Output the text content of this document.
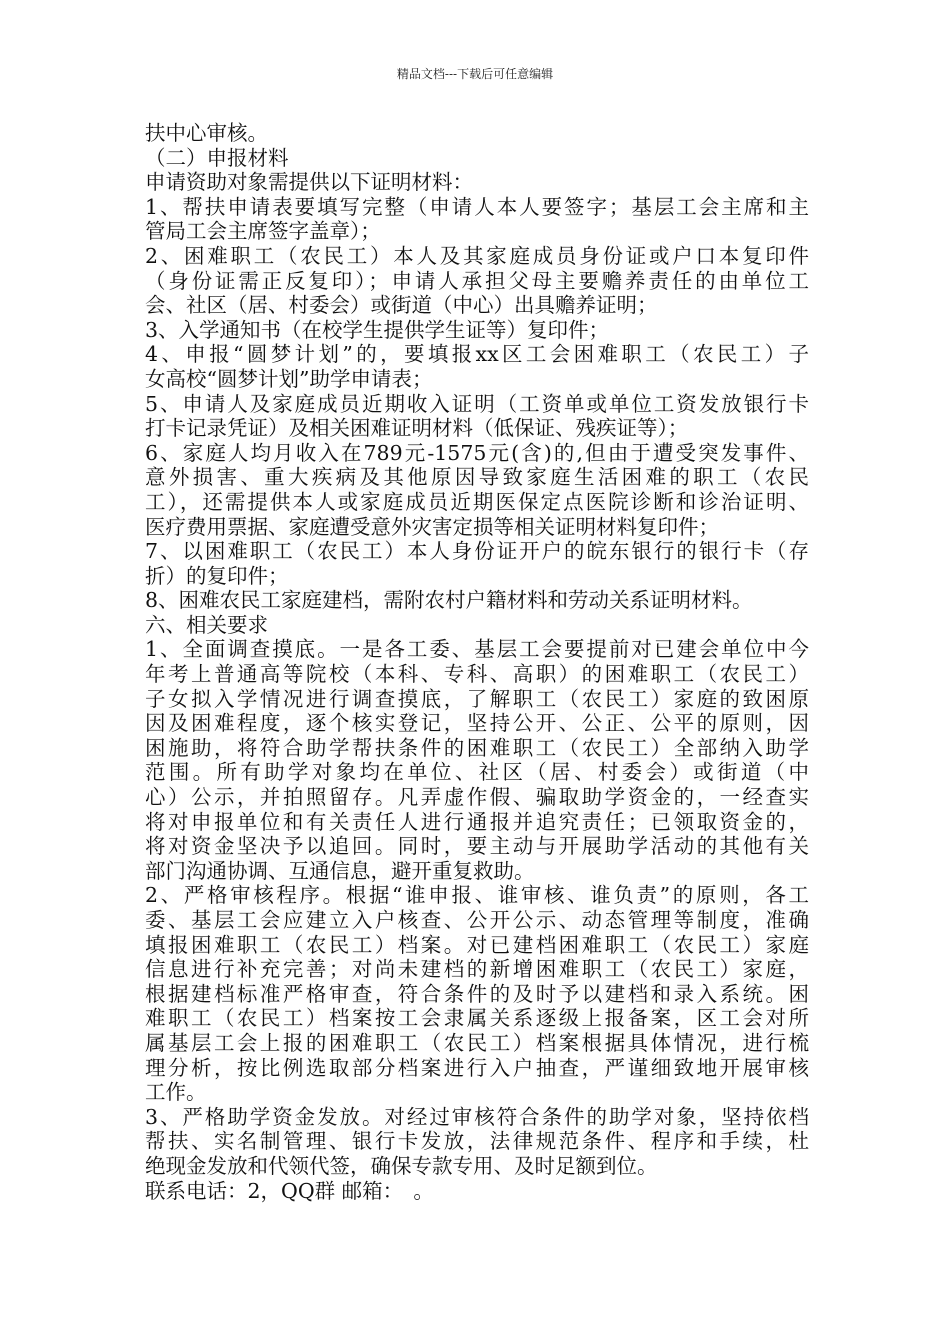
精品文档---下载后可任意编辑
扶中心审核。
（二）申报材料
申请资助对象需提供以下证明材料：
1、帮扶申请表要填写完整（申请人本人要签字；基层工会主席和主
管局工会主席签字盖章）；
2、困难职工（农民工）本人及其家庭成员身份证或户口本复印件
（身份证需正反复印）；申请人承担父母主要赡养责任的由单位工
会、社区（居、村委会）或街道（中心）出具赡养证明；
3、入学通知书（在校学生提供学生证等）复印件；
4、申报“圆梦计划”的，要填报xx区工会困难职工（农民工）子
女高校“圆梦计划”助学申请表；
5、申请人及家庭成员近期收入证明（工资单或单位工资发放银行卡
打卡记录凭证）及相关困难证明材料（低保证、残疾证等）；
6、家庭人均月收入在789元-1575元(含)的,但由于遭受突发事件、
意外损害、重大疾病及其他原因导致家庭生活困难的职工（农民
工），还需提供本人或家庭成员近期医保定点医院诊断和诊治证明、
医疗费用票据、家庭遭受意外灾害定损等相关证明材料复印件；
7、以困难职工（农民工）本人身份证开户的皖东银行的银行卡（存
折）的复印件；
8、困难农民工家庭建档，需附农村户籍材料和劳动关系证明材料。
六、相关要求
1、全面调查摸底。一是各工委、基层工会要提前对已建会单位中今
年考上普通高等院校（本科、专科、高职）的困难职工（农民工）
子女拟入学情况进行调查摸底，了解职工（农民工）家庭的致困原
因及困难程度，逐个核实登记，坚持公开、公正、公平的原则，因
困施助，将符合助学帮扶条件的困难职工（农民工）全部纳入助学
范围。所有助学对象均在单位、社区（居、村委会）或街道（中
心）公示，并拍照留存。凡弄虚作假、骗取助学资金的，一经查实
将对申报单位和有关责任人进行通报并追究责任；已领取资金的，
将对资金坚决予以追回。同时，要主动与开展助学活动的其他有关
部门沟通协调、互通信息，避开重复救助。
2、严格审核程序。根据“谁申报、谁审核、谁负责”的原则，各工
委、基层工会应建立入户核查、公开公示、动态管理等制度，准确
填报困难职工（农民工）档案。对已建档困难职工（农民工）家庭
信息进行补充完善；对尚未建档的新增困难职工（农民工）家庭，
根据建档标准严格审查，符合条件的及时予以建档和录入系统。困
难职工（农民工）档案按工会隶属关系逐级上报备案，区工会对所
属基层工会上报的困难职工（农民工）档案根据具体情况，进行梳
理分析，按比例选取部分档案进行入户抽查，严谨细致地开展审核
工作。
3、严格助学资金发放。对经过审核符合条件的助学对象，坚持依档
帮扶、实名制管理、银行卡发放，法律规范条件、程序和手续，杜
绝现金发放和代领代签，确保专款专用、及时足额到位。
联系电话：2，QQ群 邮箱：　。
